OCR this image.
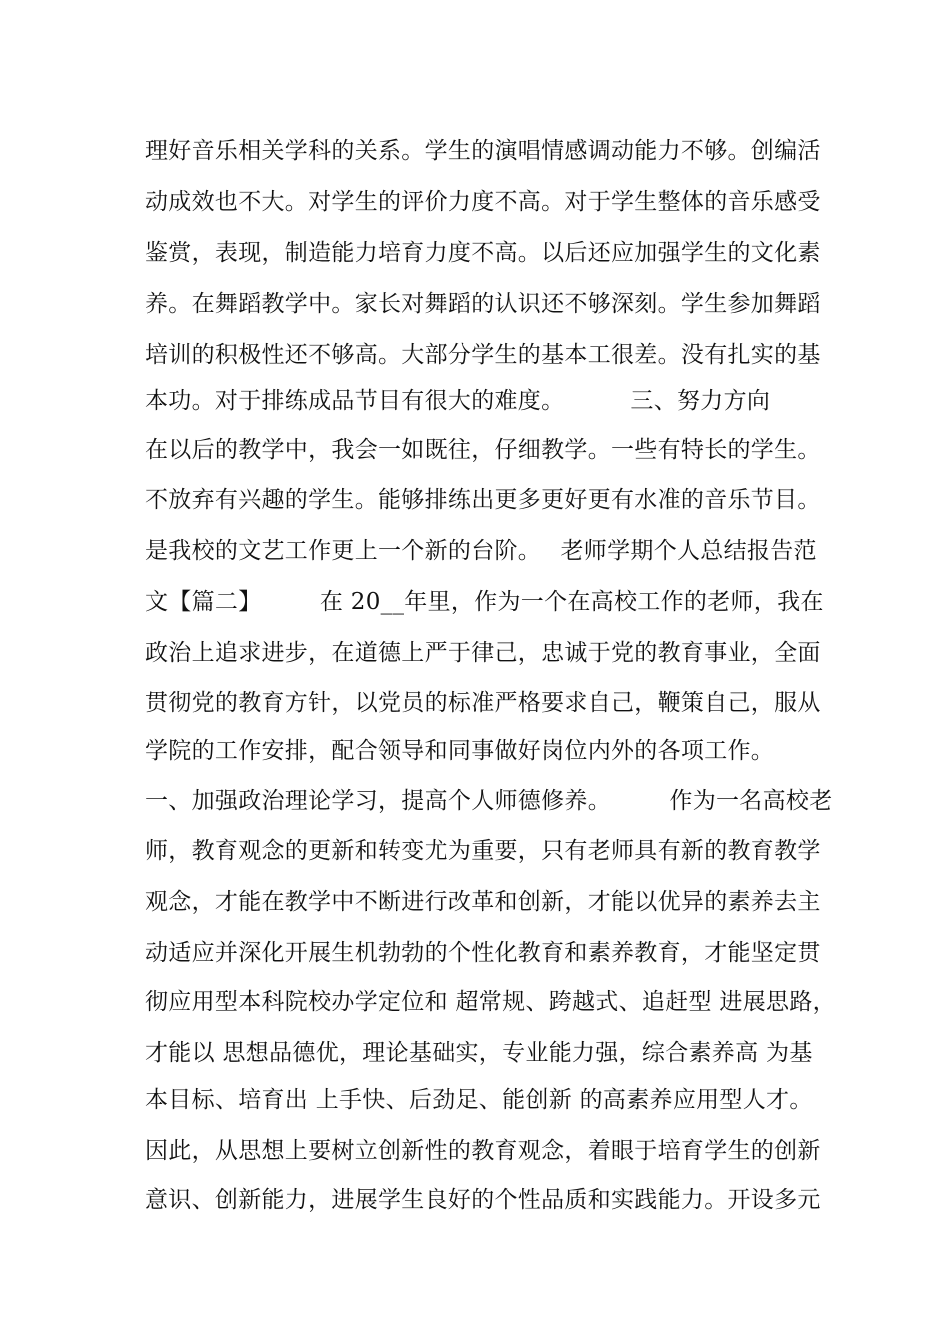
理好音乐相关学科的关系。学生的演唱情感调动能力不够。创编活
动成效也不大。对学生的评价力度不高。对于学生整体的音乐感受
鉴赏，表现，制造能力培育力度不高。以后还应加强学生的文化素
养。在舞蹈教学中。家长对舞蹈的认识还不够深刻。学生参加舞蹈
培训的积极性还不够高。大部分学生的基本工很差。没有扎实的基
本功。对于排练成品节目有很大的难度。　　　 三、努力方向
在以后的教学中，我会一如既往，仔细教学。一些有特长的学生。
不放弃有兴趣的学生。能够排练出更多更好更有水准的音乐节目。
是我校的文艺工作更上一个新的台阶。　 老师学期个人总结报告范
文【篇二】　　　在 20__年里，作为一个在高校工作的老师，我在
政治上追求进步，在道德上严于律己，忠诚于党的教育事业，全面
贯彻党的教育方针，以党员的标准严格要求自己，鞭策自己，服从
学院的工作安排，配合领导和同事做好岗位内外的各项工作。
一、加强政治理论学习，提高个人师德修养。　　　作为一名高校老
师，教育观念的更新和转变尤为重要，只有老师具有新的教育教学
观念，才能在教学中不断进行改革和创新，才能以优异的素养去主
动适应并深化开展生机勃勃的个性化教育和素养教育，才能坚定贯
彻应用型本科院校办学定位和 超常规、跨越式、追赶型 进展思路，
才能以 思想品德优，理论基础实，专业能力强，综合素养高 为基
本目标、培育出 上手快、后劲足、能创新 的高素养应用型人才。
因此，从思想上要树立创新性的教育观念，着眼于培育学生的创新
意识、创新能力，进展学生良好的个性品质和实践能力。开设多元
